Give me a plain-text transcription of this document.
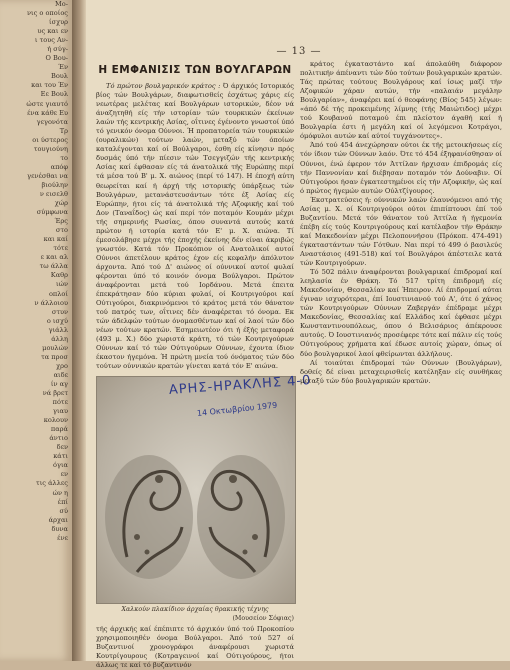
Μο-

νις ο οποίος

ίσχυρ

υς και εν

ι τους Αν-

ή σύγ-

Ο Βου-

Έν

Βουλ

και του Έν

Εε Βουλ

ώστε γιαυτό

ένα κάθε Ευ

γεγονότα

Τρ

οι ύστερος

τουγιούνη

το

απόφ

γενέσθαι να

βιούλην

ν εισελθ

χώρ

σύμφωνα

Έρς

στο

και καί

τότε

ε και αλ

τω άλλα

Καθρ

ιών

οπλοί

ν άλλοιου

στυν

ο ισχύ

γιάλλ

άλλη

μουλών

τα προσ

χρο

αιδε

ίν αγ

νά βρετ

πότε

γιαυ

κολουν

παρά

άντιο

δεν

κάτι

όγια

εν

τις άλλες

ών η

έπί

σύ

άρχαι

δυνα

ένε

— 13 —
Η ΕΜΦΑΝΙΣΙΣ ΤΩΝ ΒΟΥΛΓΑΡΩΝ

Τό πρώτον βουλγαρικόν κράτος : Ό άρχικός Ιστορικός βίος τών Βουλγάρων, διαφωτισθείς έσχάτως χάρις είς νεωτέρας μελέτας καί Βουλγάρων ιστορικών, δέον νά άναζητηθή είς τήν ιστορίαν τών τουρκικών έκείνων λαών τής κεντρικής Ασίας, οΐτινες έγένοντο γνωστοί ύπό τό γενικόν όνομα Ούννοι. Ή προπατορεία τών τουρκικών (ουραλικών) τούτων λαών, μεταξύ τών όποίων καταλέγονται καί οί Βούλγαροι, έσθη είς κίνησιν πρός δυσμάς ύπό τήν πίεσιν τών Τσεγγιζών τής κεντρικής Ασίας καί έφθασαν είς τά άνατολικά τής Ευρώπης περί τά μέσα τού Β' μ. Χ. αιώνος (περί τό 147). Η έποχή αύτη θεωρείται καί ή άρχή τής ιστορικής ύπάρξεως τών Βουλγάρων, μετανάστευσάντων τότε έξ Ασίας είς Ευρώπην, ήτοι είς τά άνατολικά τής Αζοφικής καί τού Δον (Ταναΐδος) ώς καί περί τόν ποταμόν Κουμάν μέχρι τής σημερινής Ρωσίας, όπου συναντά αυτούς κατά πρώτον ή ιστορία κατά τόν Ε' μ. Χ. αιώνα. Τί έμεσολάβησε μέχρι τής έποχής έκείνης δέν είναι άκριβώς γνωστόν. Κατά τόν Προκόπιον οί Ανατολικοί αυτοί Ούννοι άπετέλουν κράτος έχον είς κεφαλήν άπόλυτον άρχοντα. Άπό τού Δ' αιώνος οί ούννικοί αυτοί φυλαί φέρονται ύπό τό κοινόν όνομα Βούλγαροι. Πρώτον άναφέρονται μετά τού Ιορδάνου. Μετά έπειτα έπεκράτησαν δύο κύριαι φυλαί, οί Κουτριγούροι καί Ούτιγούροι, διακρινόμενοι τό κράτος μετά τόν θάνατον τού πατρός των, οΐτινες δέν άναφέρεται τό όνομα. Εκ τών άδελφών τούτων όνομασθέντων καί οί λαοί τών δύο νέων τούτων κρατών. Έσημειωτέον ότι ή έξής μεταφορά (493 μ. Χ.) δύο χωριστά κράτη, τό τών Κουτριγούρων Ούννων καί τό τών Ούτιγούρων Ούννων, έχοντα ίδιον έκαστον ήγεμόνα. Ή πρώτη μνεία τού όνόματος τών δύο τούτων ούννικών κρατών γίνεται κατά τόν Ε' αιώνα.

ΑΡΗΣ-ΗΡΑΚΛΗΣ 4-0
14 Οκτωβρίου 1979
Χαλκούν πλακίδιον άρχαίας θρακικής τέχνης
(Μουσείον Σόφιας)

τής άρχικής καί έπέπιπτε τό άρχικόν ύπό τού Προκοπίου χρησιμοποιηθέν όνομα Βούλγαροι. Άπό τού 527 οί Βυζαντινοί χρονογράφοι άναφέρουσι χωριστά Κουτρίγουρους (Κοτραγεινοί καί Ούτιγούρους, ήτοι άλλως τε καί τό βυζαντινόν

κράτος έγκαταστάντο καί άπολαύθη διάφορον πολιτικήν άπέναντι τών δύο τούτων βουλγαρικών κρατών. Τάς πρώτας τούτους Βουλγάρους καί ίσως μαζί τήν Αζοφικών χάραν αυτών, τήν «παλαιάν μεγάλην Βουλγαρίαν», άναφέρει καί ό θεοφάνης (Βίος 545) λέγων: «άπό δέ τής προκειμένης λίμνης (τής Μαιώτιδος) μέχρι τού Κουβανού ποταμού έπι πλείστον άγαθή καί ή Βουλγαρία έστι ή μεγάλη καί οί λεγόμενοι Κοτράγοι, όμόφυλοι αυτών καί αύτοί τυγχάνοντες».

Άπό τού 454 άνεχώρησαν ούτοι έκ τής μετοικήσεως είς τόν ίδιον τών Ούννων λαόν. Ότε τό 454 έξηφανίσθησαν οί Ούννοι, ένώ έφερον τόν Άττίλαν ήρχισαν έπιδρομάς είς τήν Παννονίαν καί διέβησαν ποταμόν τόν Δούναβιν. Οί Ούτιγούροι ήσαν έγκατεστημένοι είς τήν Αζοφικήν, ώς καί ό πρώτος ήγεμών αυτών Ούλτζίγουρος.

Έκστρατεύσεις ή: ούννικών λαών έλαυνόμενοι από τής Ασίας μ. Χ. οί Κουτριγούροι ούτοι έπιπίπτουσι έπί τού Βυζαντίου. Μετά τόν θάνατον τού Άττίλα ή ήγεμονία έπέβη είς τούς Κουτριγούρους καί κατέλαβον τήν Θράκην καί Μακεδονίαν μέχρι Πελοποννήσου (Πρόκοπ. 474-491) έγκαταστάντων τών Γότθων. Ναι περί τό 499 ό βασιλεύς Αναστάσιος (491-518) καί τοί Βουλγάροι άπέστειλε κατά τών Κουτριγούρων.

Τό 502 πάλιν άναφέρονται βουλγαρικαί έπιδρομαί καί λεηλασία έν Θράκη. Τό 517 τρίτη έπιδρομή είς Μακεδονίαν, Θεσσαλίαν καί Ήπειρον. Αί έπιδρομαί αύται έγιναν ισχυρότεραι, έπί Ιουστινιανού τού Α', ότε ό χάνος τών Κουτριγούρων Ούννων Ζαβεργάν έπέδραμε μέχρι Μακεδονίας, Θεσσαλίας καί Ελλάδος καί έφθασε μέχρι Κωνσταντινουπόλεως, όπου ό Βελισάριος άπέκρουσε αυτούς. Ό Ιουστινιανός προσέφερε τότε καί πάλιν είς τούς Ούτιγούρους χρήματα καί έδωσε αυτοίς χώραν, όπως οί δύο βουλγαρικοί λαοί φθείρωνται άλλήλους.

Αί τοιαύται έπιδρομαί τών Ούννων (Βουλγάρων), δοθείς δέ είναι μεταχειρισθείς κατέληξαν είς συνθήκας μεταξύ τών δύο βουλγαρικών κρατών.
